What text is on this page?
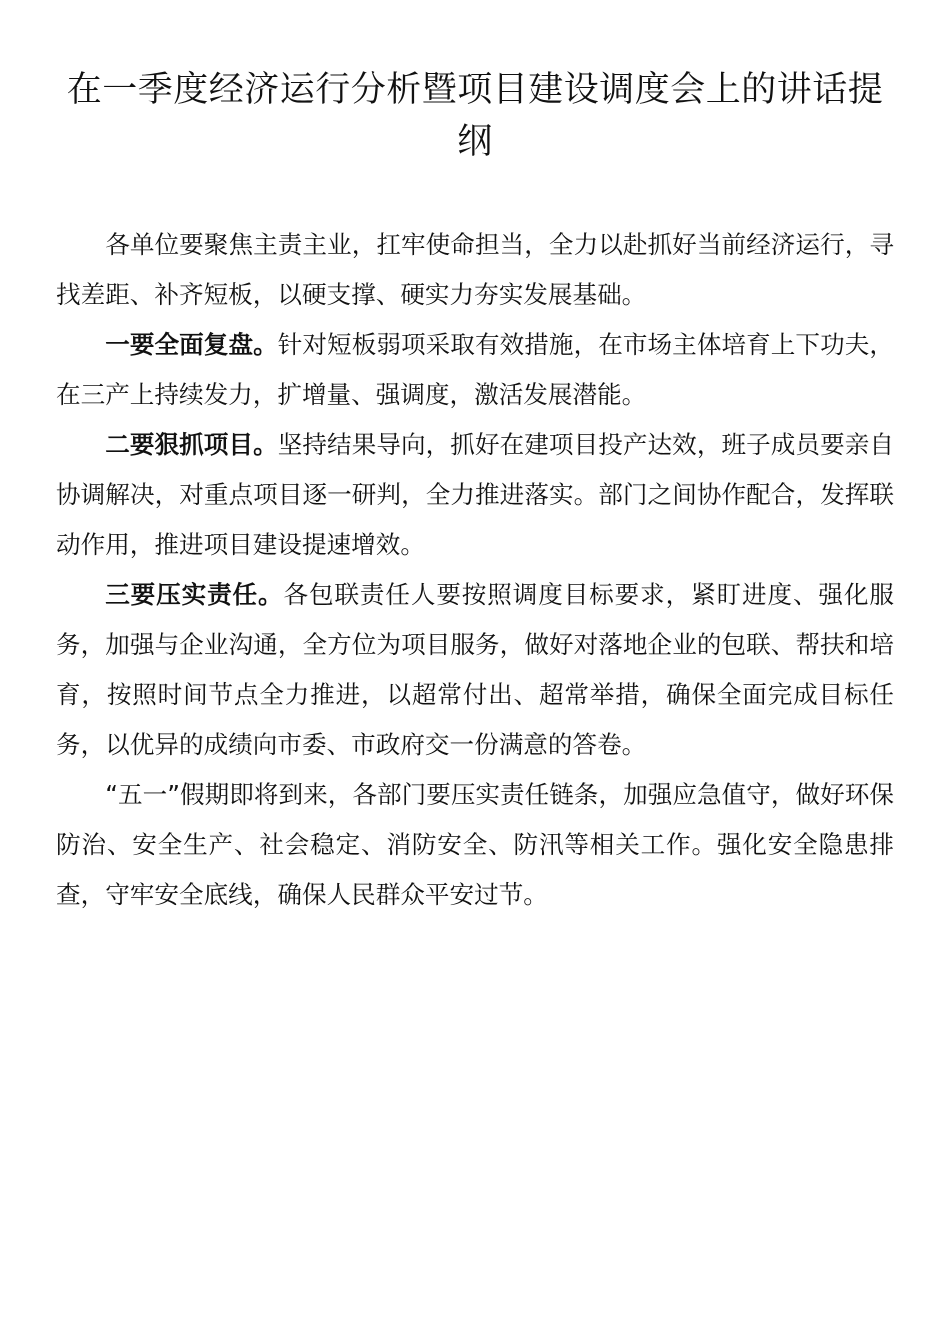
在一季度经济运行分析暨项目建设调度会上的讲话提纲

各单位要聚焦主责主业，扛牢使命担当，全力以赴抓好当前经济运行，寻找差距、补齐短板，以硬支撑、硬实力夯实发展基础。

一要全面复盘。针对短板弱项采取有效措施，在市场主体培育上下功夫，在三产上持续发力，扩增量、强调度，激活发展潜能。

二要狠抓项目。坚持结果导向，抓好在建项目投产达效，班子成员要亲自协调解决，对重点项目逐一研判，全力推进落实。部门之间协作配合，发挥联动作用，推进项目建设提速增效。

三要压实责任。各包联责任人要按照调度目标要求，紧盯进度、强化服务，加强与企业沟通，全方位为项目服务，做好对落地企业的包联、帮扶和培育，按照时间节点全力推进，以超常付出、超常举措，确保全面完成目标任务，以优异的成绩向市委、市政府交一份满意的答卷。

“五一”假期即将到来，各部门要压实责任链条，加强应急值守，做好环保防治、安全生产、社会稳定、消防安全、防汛等相关工作。强化安全隐患排查，守牢安全底线，确保人民群众平安过节。
